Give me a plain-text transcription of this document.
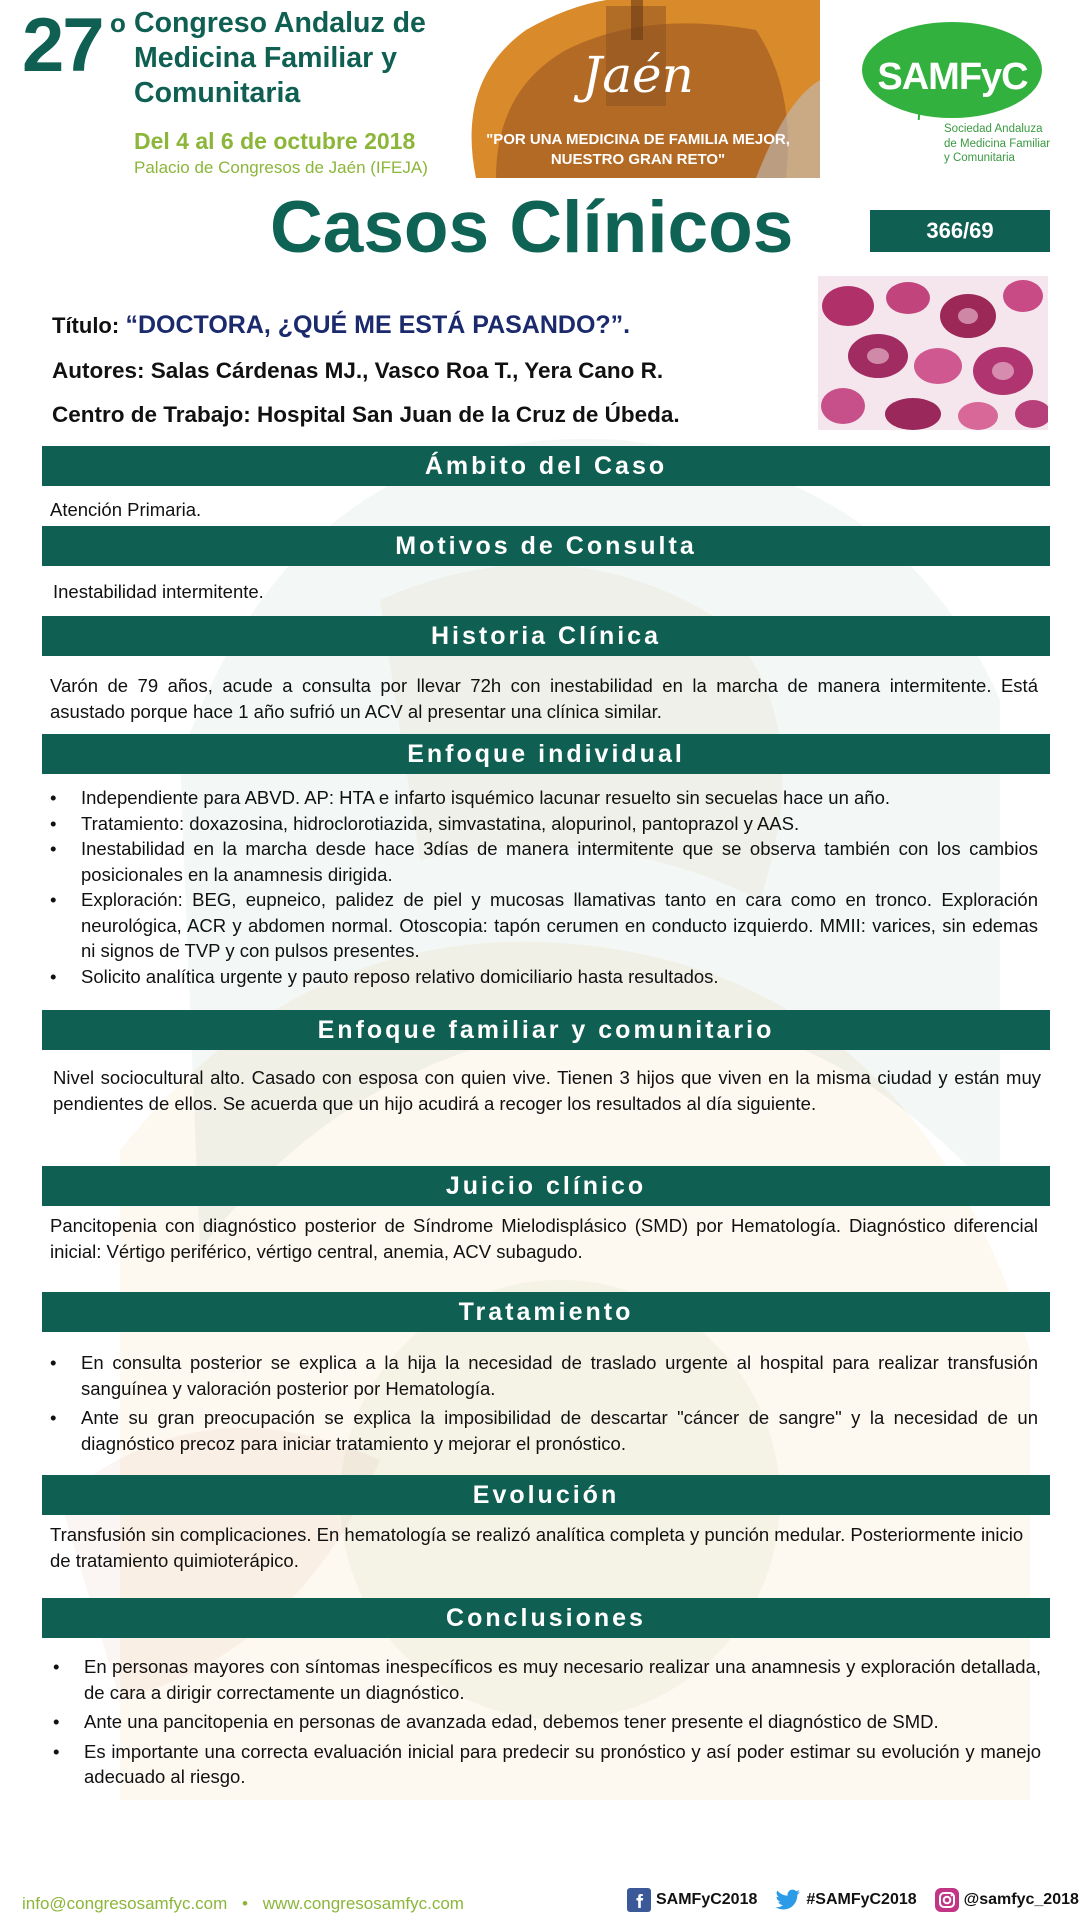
27 o Congreso Andaluz de Medicina Familiar y Comunitaria
Del 4 al 6 de octubre 2018
Palacio de Congresos de Jaén (IFEJA)
Jaén
"POR UNA MEDICINA DE FAMILIA MEJOR, NUESTRO GRAN RETO"
SAMFyC
Sociedad Andaluza
de Medicina Familiar
y Comunitaria
Casos Clínicos	366/69
Título: “DOCTORA, ¿QUÉ ME ESTÁ PASANDO?”.
Autores: Salas Cárdenas MJ., Vasco Roa T., Yera Cano R.
Centro de Trabajo: Hospital San Juan de la Cruz de Úbeda.
Ámbito del Caso
Atención Primaria.
Motivos de Consulta
Inestabilidad intermitente.
Historia Clínica
Varón de 79 años, acude a consulta por llevar 72h con inestabilidad en la marcha de manera intermitente. Está asustado porque hace 1 año sufrió un ACV al presentar una clínica similar.
Enfoque individual
• Independiente para ABVD. AP: HTA e infarto isquémico lacunar resuelto sin secuelas hace un año.
• Tratamiento: doxazosina, hidroclorotiazida, simvastatina, alopurinol, pantoprazol y AAS.
• Inestabilidad en la marcha desde hace 3días de manera intermitente que se observa también con los cambios posicionales en la anamnesis dirigida.
• Exploración: BEG, eupneico, palidez de piel y mucosas llamativas tanto en cara como en tronco. Exploración neurológica, ACR y abdomen normal. Otoscopia: tapón cerumen en conducto izquierdo. MMII: varices, sin edemas ni signos de TVP y con pulsos presentes.
• Solicito analítica urgente y pauto reposo relativo domiciliario hasta resultados.
Enfoque familiar y comunitario
Nivel sociocultural alto. Casado con esposa con quien vive. Tienen 3 hijos que viven en la misma ciudad y están muy pendientes de ellos. Se acuerda que un hijo acudirá a recoger los resultados al día siguiente.
Juicio clínico
Pancitopenia con diagnóstico posterior de Síndrome Mielodisplásico (SMD) por Hematología. Diagnóstico diferencial inicial: Vértigo periférico, vértigo central, anemia, ACV subagudo.
Tratamiento
• En consulta posterior se explica a la hija la necesidad de traslado urgente al hospital para realizar transfusión sanguínea y valoración posterior por Hematología.
• Ante su gran preocupación se explica la imposibilidad de descartar "cáncer de sangre" y la necesidad de un diagnóstico precoz para iniciar tratamiento y mejorar el pronóstico.
Evolución
Transfusión sin complicaciones. En hematología se realizó analítica completa y punción medular. Posteriormente inicio de tratamiento quimioterápico.
Conclusiones
• En personas mayores con síntomas inespecíficos es muy necesario realizar una anamnesis y exploración detallada, de cara a dirigir correctamente un diagnóstico.
• Ante una pancitopenia en personas de avanzada edad, debemos tener presente el diagnóstico de SMD.
• Es importante una correcta evaluación inicial para predecir su pronóstico y así poder estimar su evolución y manejo adecuado al riesgo.
info@congresosamfyc.com • www.congresosamfyc.com	SAMFyC2018	#SAMFyC2018	@samfyc_2018
